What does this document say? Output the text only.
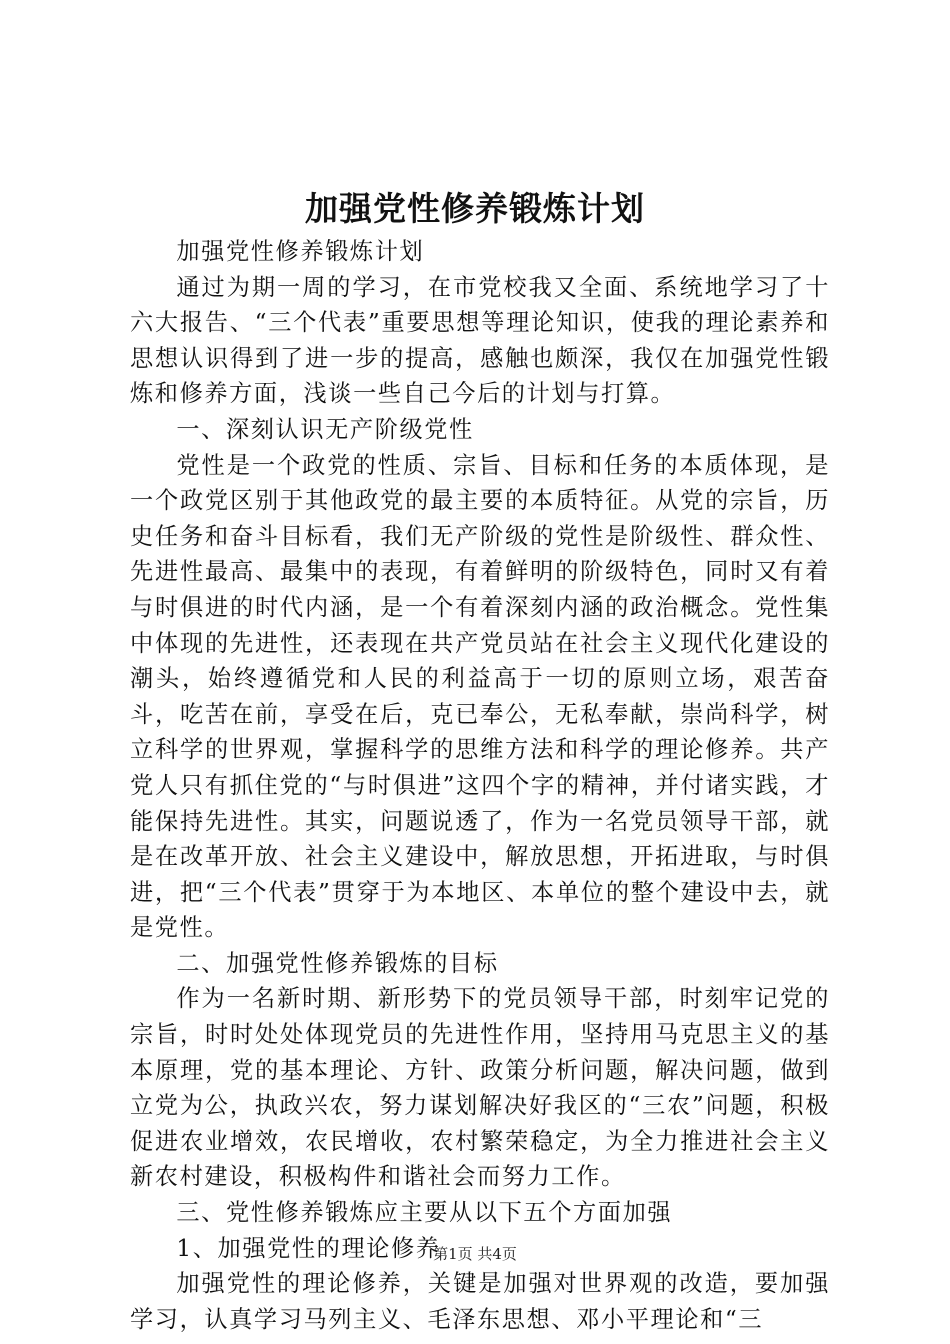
加强党性修养锻炼计划

加强党性修养锻炼计划

通过为期一周的学习，在市党校我又全面、系统地学习了十六大报告、“三个代表”重要思想等理论知识，使我的理论素养和思想认识得到了进一步的提高，感触也颇深，我仅在加强党性锻炼和修养方面，浅谈一些自己今后的计划与打算。

一、深刻认识无产阶级党性

党性是一个政党的性质、宗旨、目标和任务的本质体现，是一个政党区别于其他政党的最主要的本质特征。从党的宗旨，历史任务和奋斗目标看，我们无产阶级的党性是阶级性、群众性、先进性最高、最集中的表现，有着鲜明的阶级特色，同时又有着与时俱进的时代内涵，是一个有着深刻内涵的政治概念。党性集中体现的先进性，还表现在共产党员站在社会主义现代化建设的潮头，始终遵循党和人民的利益高于一切的原则立场，艰苦奋斗，吃苦在前，享受在后，克已奉公，无私奉献，崇尚科学，树立科学的世界观，掌握科学的思维方法和科学的理论修养。共产党人只有抓住党的“与时俱进”这四个字的精神，并付诸实践，才能保持先进性。其实，问题说透了，作为一名党员领导干部，就是在改革开放、社会主义建设中，解放思想，开拓进取，与时俱进，把“三个代表”贯穿于为本地区、本单位的整个建设中去，就是党性。

二、加强党性修养锻炼的目标

作为一名新时期、新形势下的党员领导干部，时刻牢记党的宗旨，时时处处体现党员的先进性作用，坚持用马克思主义的基本原理，党的基本理论、方针、政策分析问题，解决问题，做到立党为公，执政兴农，努力谋划解决好我区的“三农”问题，积极促进农业增效，农民增收，农村繁荣稳定，为全力推进社会主义新农村建设，积极构件和谐社会而努力工作。

三、党性修养锻炼应主要从以下五个方面加强

1、加强党性的理论修养

加强党性的理论修养，关键是加强对世界观的改造，要加强学习，认真学习马列主义、毛泽东思想、邓小平理论和“三

第1页 共4页
